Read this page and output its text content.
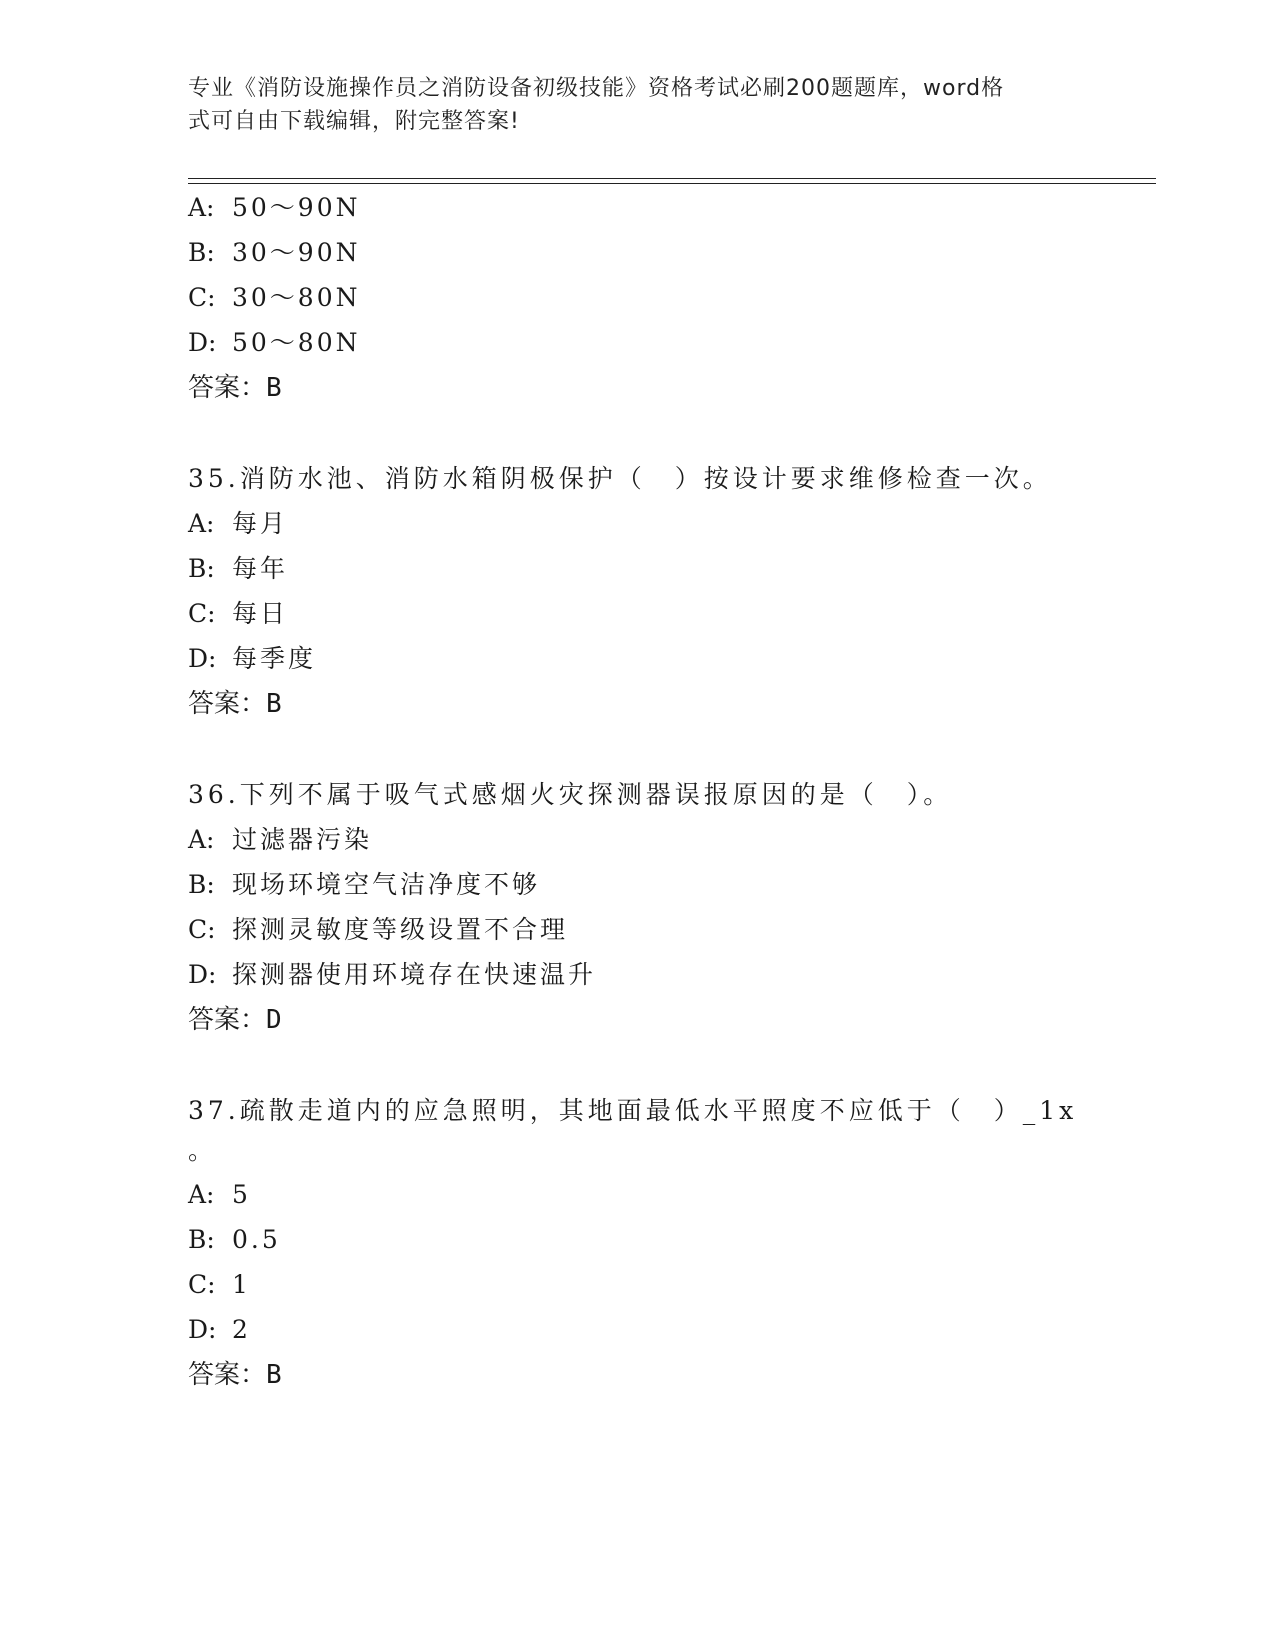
专业《消防设施操作员之消防设备初级技能》资格考试必刷200题题库，word格
式可自由下载编辑，附完整答案!
A: 50～90N
B: 30～90N
C: 30～80N
D: 50～80N
答案：B
35.消防水池、消防水箱阴极保护（　）按设计要求维修检查一次。
A: 每月
B: 每年
C: 每日
D: 每季度
答案：B
36.下列不属于吸气式感烟火灾探测器误报原因的是（　）。
A: 过滤器污染
B: 现场环境空气洁净度不够
C: 探测灵敏度等级设置不合理
D: 探测器使用环境存在快速温升
答案：D
37.疏散走道内的应急照明，其地面最低水平照度不应低于（　）_1x
。
A: 5
B: 0.5
C: 1
D: 2
答案：B
